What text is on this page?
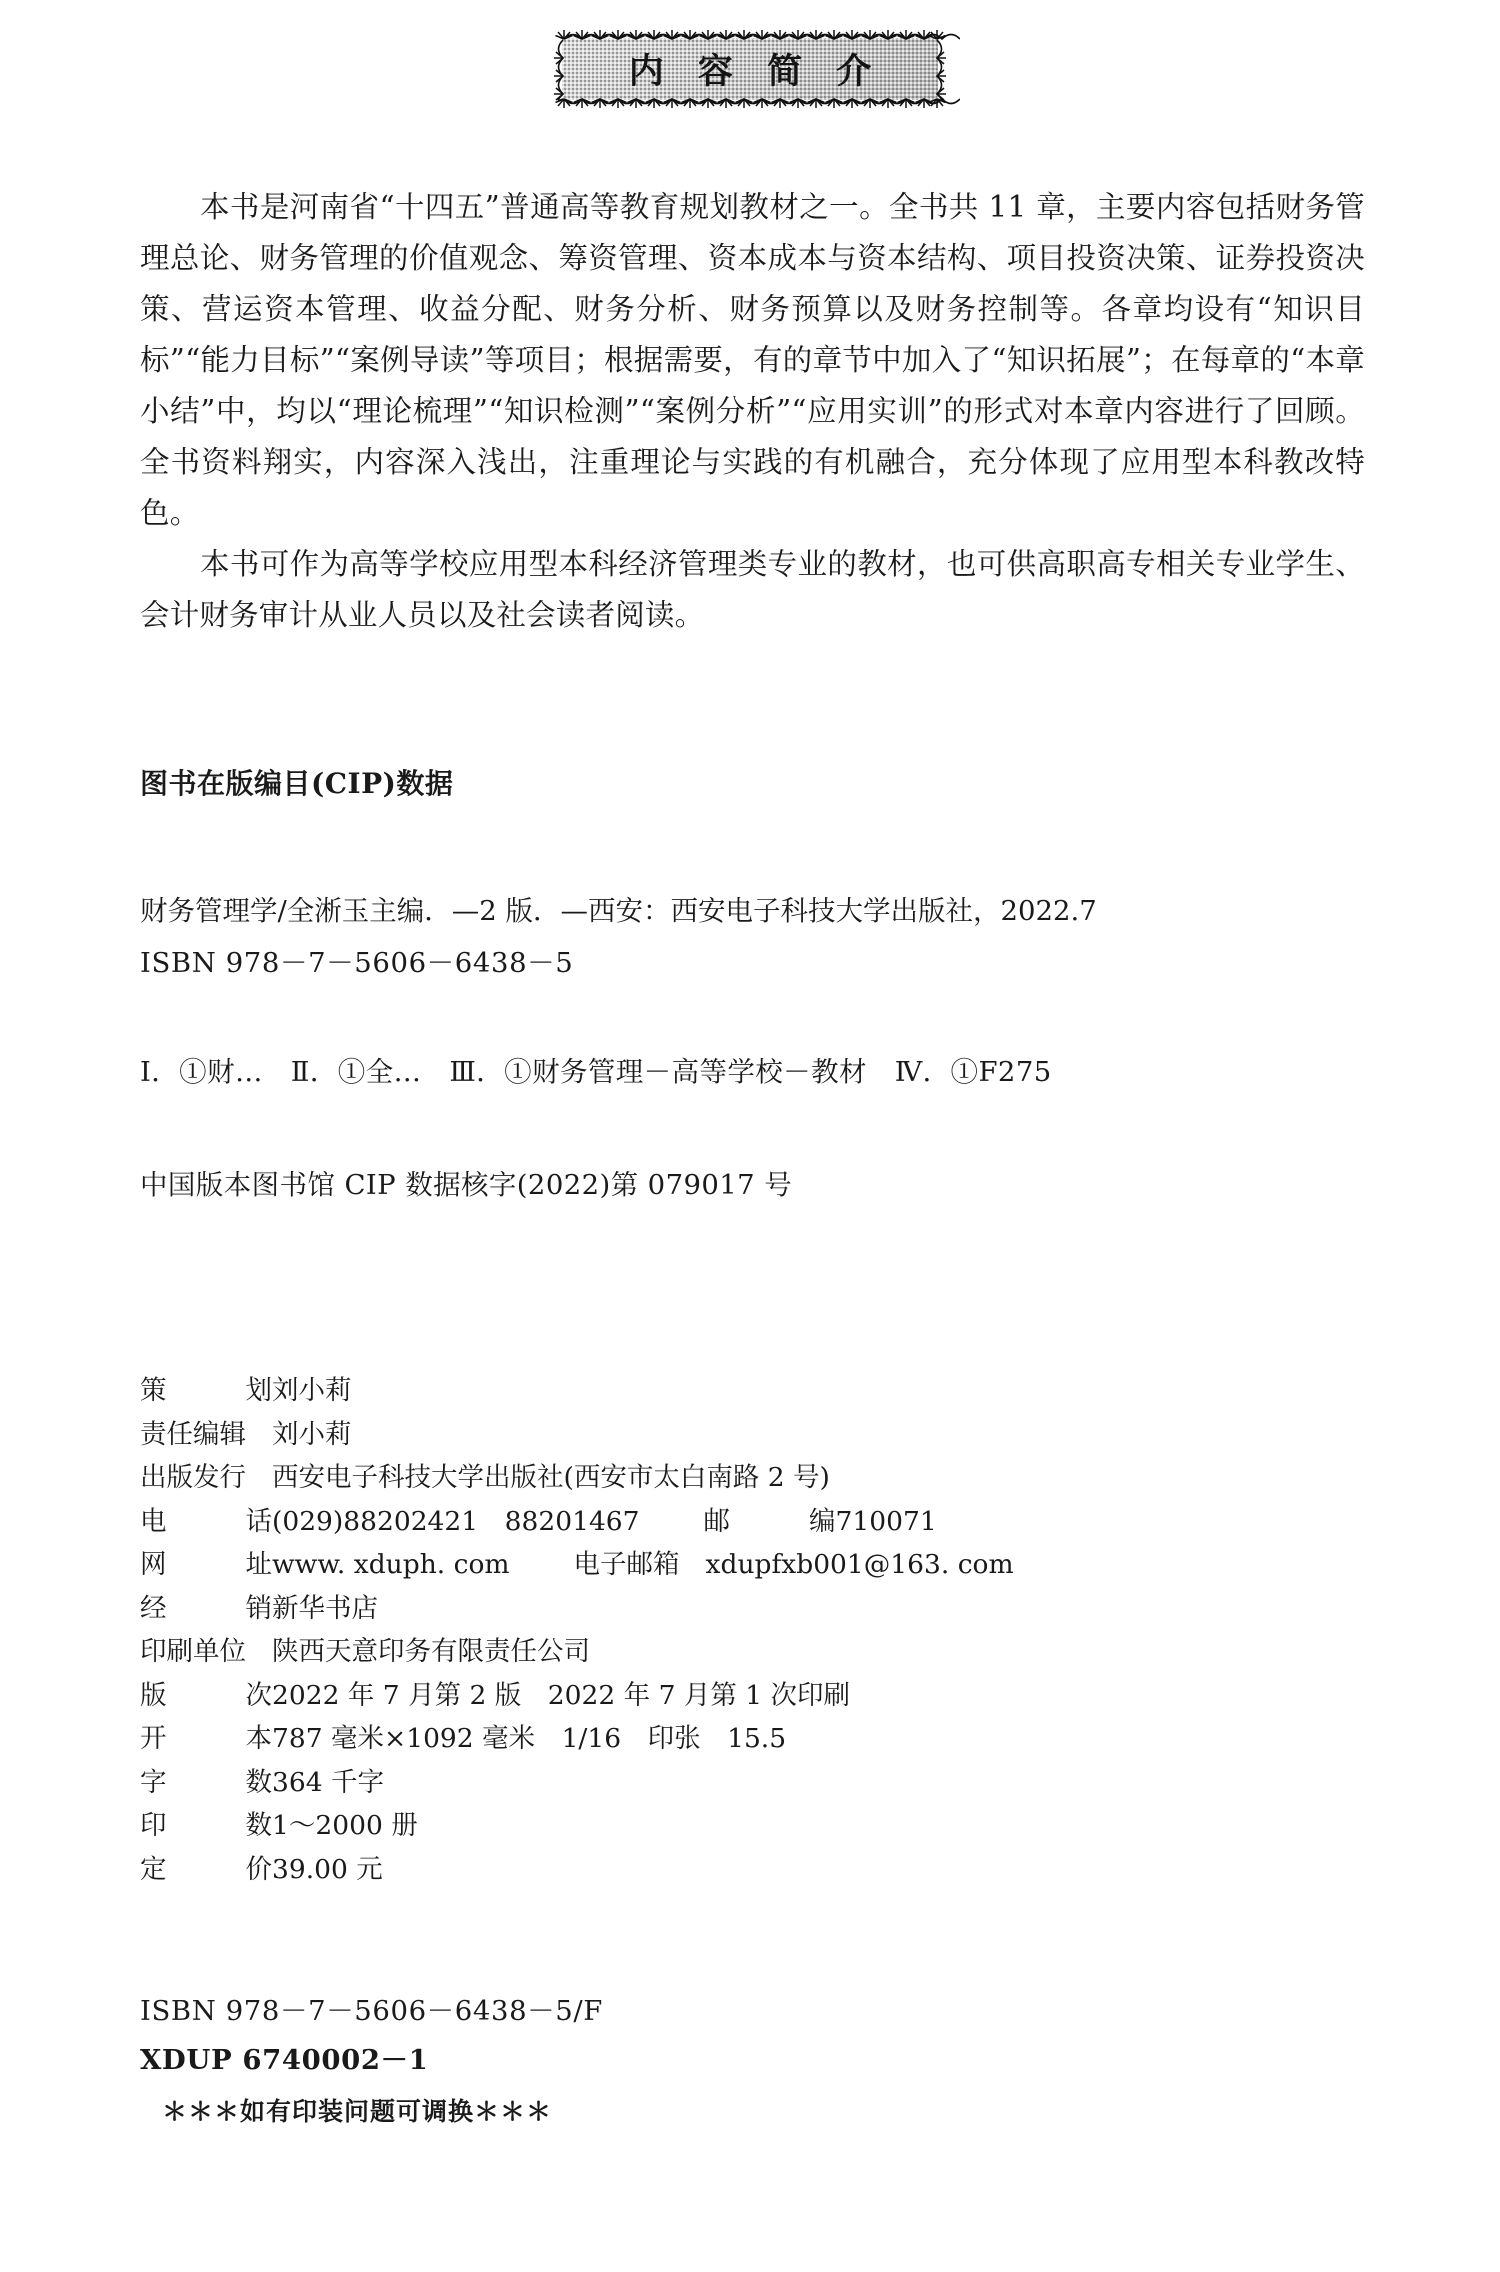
内 容 简 介

本书是河南省“十四五”普通高等教育规划教材之一。全书共 11 章，主要内容包括财务管理总论、财务管理的价值观念、筹资管理、资本成本与资本结构、项目投资决策、证券投资决策、营运资本管理、收益分配、财务分析、财务预算以及财务控制等。各章均设有“知识目标”“能力目标”“案例导读”等项目；根据需要，有的章节中加入了“知识拓展”；在每章的“本章小结”中，均以“理论梳理”“知识检测”“案例分析”“应用实训”的形式对本章内容进行了回顾。全书资料翔实，内容深入浅出，注重理论与实践的有机融合，充分体现了应用型本科教改特色。

本书可作为高等学校应用型本科经济管理类专业的教材，也可供高职高专相关专业学生、会计财务审计从业人员以及社会读者阅读。

图书在版编目(CIP)数据

财务管理学/全淅玉主编．—2 版．—西安：西安电子科技大学出版社，2022.7

ISBN 978－7－5606－6438－5

Ⅰ．①财…　Ⅱ．①全…　Ⅲ．①财务管理－高等学校－教材　Ⅳ．①F275

中国版本图书馆 CIP 数据核字(2022)第 079017 号

策	划 刘小莉
责任编辑 刘小莉
出版发行 西安电子科技大学出版社(西安市太白南路 2 号)
电	话 (029)88202421　88201467 邮	编 710071
网	址 www. xduph. com 电子邮箱 xdupfxb001@163. com
经	销 新华书店
印刷单位 陕西天意印务有限责任公司
版	次 2022 年 7 月第 2 版　2022 年 7 月第 1 次印刷
开	本 787 毫米×1092 毫米　1/16　印张　15.5
字	数 364 千字
印	数 1～2000 册
定	价 39.00 元
ISBN 978－7－5606－6438－5/F
XDUP 6740002－1
＊＊＊如有印装问题可调换＊＊＊
